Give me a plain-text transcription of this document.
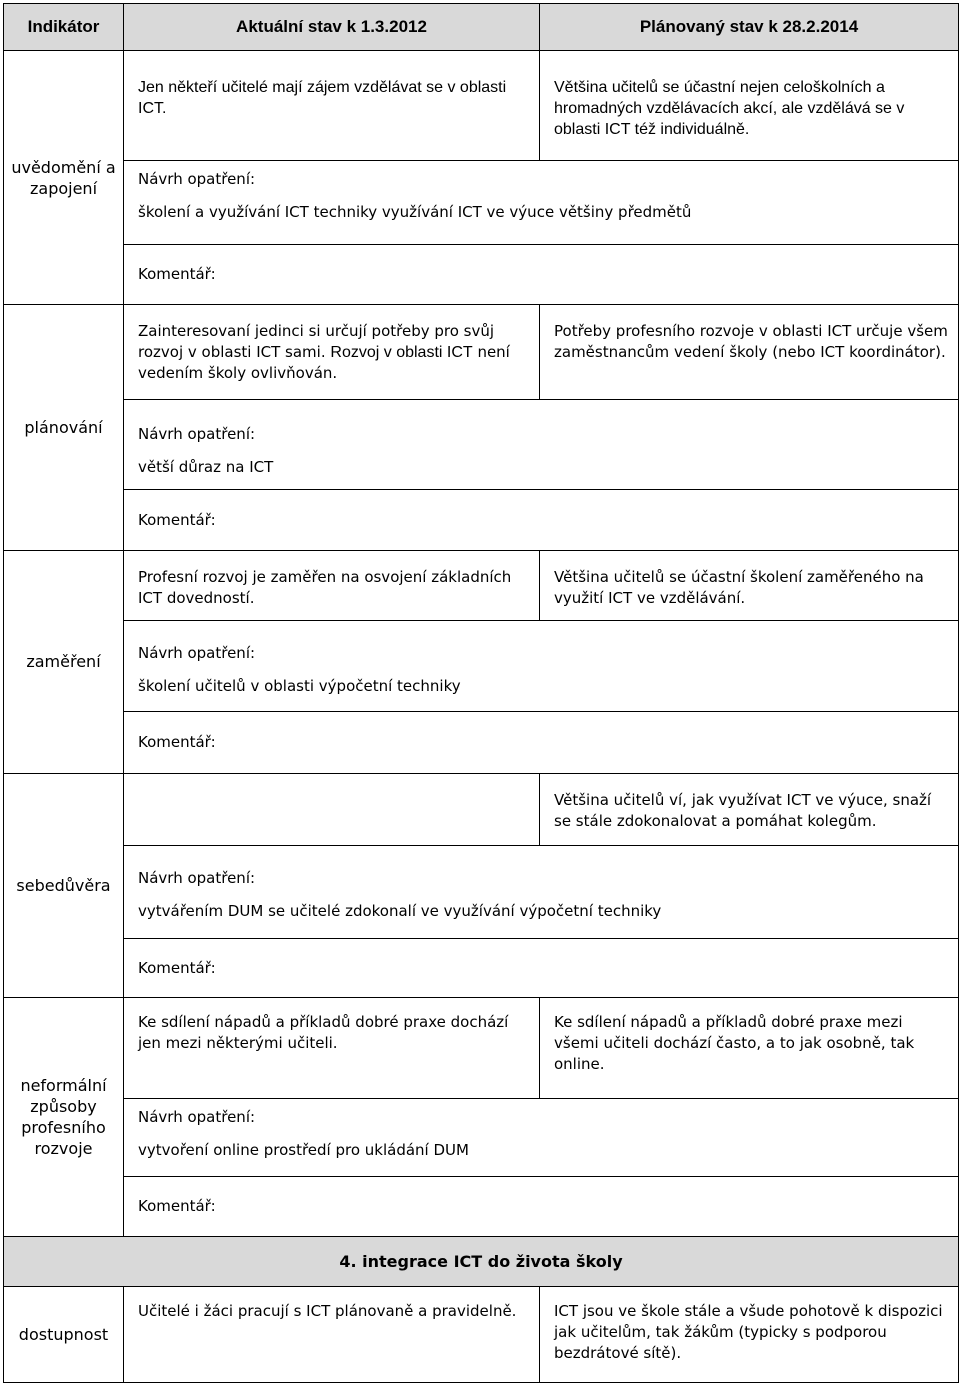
Indikátor	Aktuální stav k 1.3.2012	Plánovaný stav k 28.2.2014
uvědomění a zapojení	Jen někteří učitelé mají zájem vzdělávat se v oblasti ICT.	Většina učitelů se účastní nejen celoškolních a hromadných vzdělávacích akcí, ale vzdělává se v oblasti ICT též individuálně.

	Návrh opatření:
školení a využívání ICT techniky využívání ICT ve výuce většiny předmětů	

	Komentář:	
plánování	Zainteresovaní jedinci si určují potřeby pro svůj rozvoj v oblasti ICT sami. Rozvoj v oblasti ICT není vedením školy ovlivňován.	Potřeby profesního rozvoje v oblasti ICT určuje všem zaměstnancům vedení školy (nebo ICT koordinátor).

	Návrh opatření:
větší důraz na ICT	

	Komentář:	
zaměření	Profesní rozvoj je zaměřen na osvojení základních ICT dovedností.	Většina učitelů se účastní školení zaměřeného na využití ICT ve vzdělávání.

	Návrh opatření:
školení učitelů v oblasti výpočetní techniky	

	Komentář:	
sebedůvěra		Většina učitelů ví, jak využívat ICT ve výuce, snaží se stále zdokonalovat a pomáhat kolegům.

	Návrh opatření:
vytvářením DUM se učitelé zdokonalí ve využívání výpočetní techniky	

	Komentář:	
neformální způsoby profesního rozvoje	Ke sdílení nápadů a příkladů dobré praxe dochází jen mezi některými učiteli.	Ke sdílení nápadů a příkladů dobré praxe mezi všemi učiteli dochází často, a to jak osobně, tak online.

	Návrh opatření:
vytvoření online prostředí pro ukládání DUM	

	Komentář:	
4. integrace ICT do života školy		
dostupnost	Učitelé i žáci pracují s ICT plánovaně a pravidelně.	ICT jsou ve škole stále a všude pohotově k dispozici jak učitelům, tak žákům (typicky s podporou bezdrátové sítě).
